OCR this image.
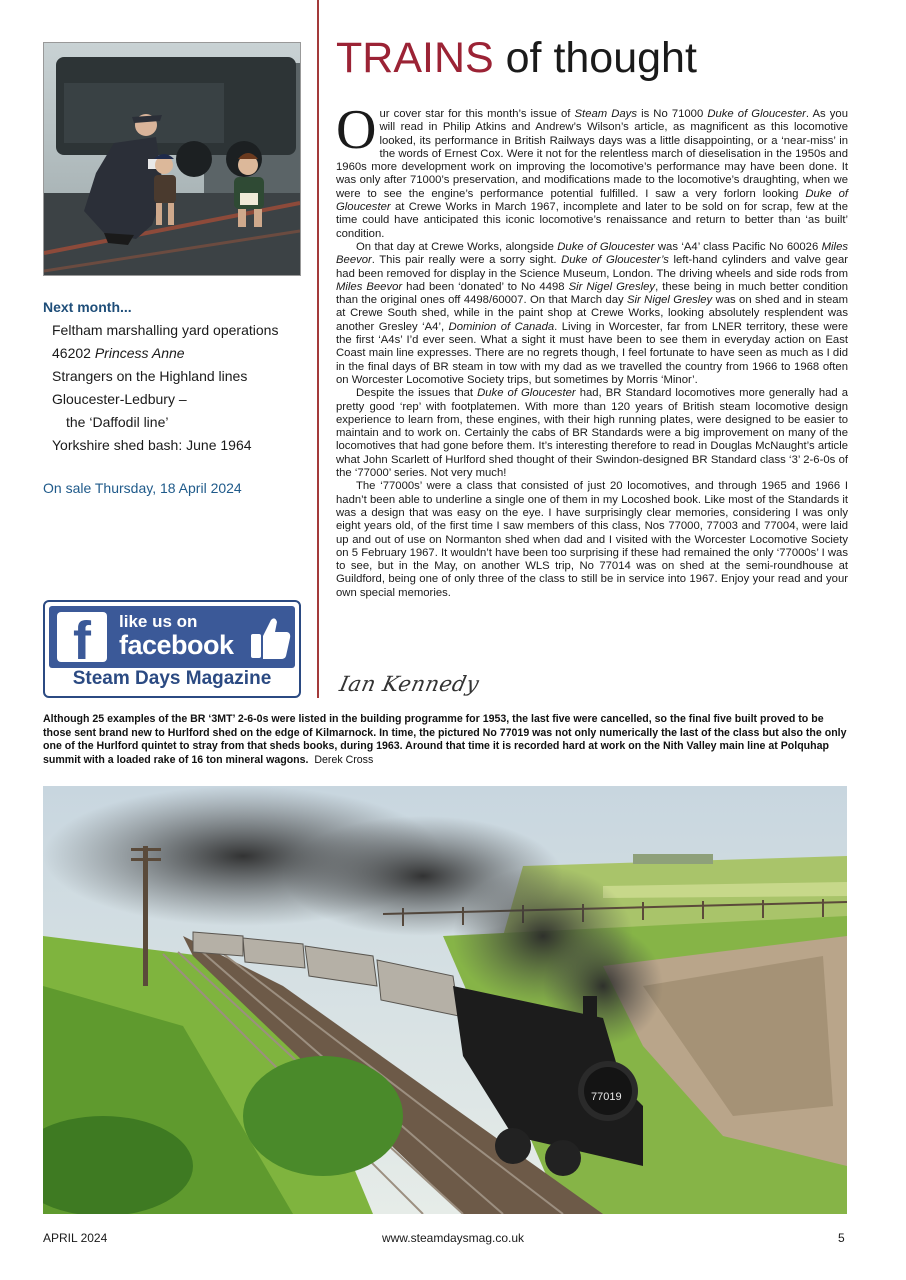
Next month...
Feltham marshalling yard operations
46202 Princess Anne
Strangers on the Highland lines
Gloucester-Ledbury –
the ‘Daffodil line’
Yorkshire shed bash: June 1964
On sale Thursday, 18 April 2024
f	like us on
facebook
Steam Days Magazine
TRAINS of thought

Our cover star for this month’s issue of Steam Days is No 71000 Duke of Gloucester. As you will read in Philip Atkins and Andrew’s Wilson’s article, as magnificent as this locomotive looked, its performance in British Railways days was a little disappointing, or a ‘near-miss’ in the words of Ernest Cox. Were it not for the relentless march of dieselisation in the 1950s and 1960s more development work on improving the locomotive’s performance may have been done. It was only after 71000’s preservation, and modifications made to the locomotive’s draughting, when we were to see the engine’s performance potential fulfilled. I saw a very forlorn looking Duke of Gloucester at Crewe Works in March 1967, incomplete and later to be sold on for scrap, few at the time could have anticipated this iconic locomotive’s renaissance and return to better than ‘as built’ condition.

On that day at Crewe Works, alongside Duke of Gloucester was ‘A4’ class Pacific No 60026 Miles Beevor. This pair really were a sorry sight. Duke of Gloucester’s left-hand cylinders and valve gear had been removed for display in the Science Museum, London. The driving wheels and side rods from Miles Beevor had been ‘donated’ to No 4498 Sir Nigel Gresley, these being in much better condition than the original ones off 4498/60007. On that March day Sir Nigel Gresley was on shed and in steam at Crewe South shed, while in the paint shop at Crewe Works, looking absolutely resplendent was another Gresley ‘A4’, Dominion of Canada. Living in Worcester, far from LNER territory, these were the first ‘A4s’ I’d ever seen. What a sight it must have been to see them in everyday action on East Coast main line expresses. There are no regrets though, I feel fortunate to have seen as much as I did in the final days of BR steam in tow with my dad as we travelled the country from 1966 to 1968 often on Worcester Locomotive Society trips, but sometimes by Morris ‘Minor’.

Despite the issues that Duke of Gloucester had, BR Standard locomotives more generally had a pretty good ‘rep’ with footplatemen. With more than 120 years of British steam locomotive design experience to learn from, these engines, with their high running plates, were designed to be easier to maintain and to work on. Certainly the cabs of BR Standards were a big improvement on many of the locomotives that had gone before them. It’s interesting therefore to read in Douglas McNaught’s article what John Scarlett of Hurlford shed thought of their Swindon-designed BR Standard class ‘3’ 2-6-0s of the ‘77000’ series. Not very much!

The ‘77000s’ were a class that consisted of just 20 locomotives, and through 1965 and 1966 I hadn’t been able to underline a single one of them in my Locoshed book. Like most of the Standards it was a design that was easy on the eye. I have surprisingly clear memories, considering I was only eight years old, of the first time I saw members of this class, Nos 77000, 77003 and 77004, were laid up and out of use on Normanton shed when dad and I visited with the Worcester Locomotive Society on 5 February 1967. It wouldn’t have been too surprising if these had remained the only ‘77000s’ I was to see, but in the May, on another WLS trip, No 77014 was on shed at the semi-roundhouse at Guildford, being one of only three of the class to still be in service into 1967. Enjoy your read and your own special memories.

Ian Kennedy
Although 25 examples of the BR ‘3MT’ 2-6-0s were listed in the building programme for 1953, the last five were cancelled, so the final five built proved to be those sent brand new to Hurlford shed on the edge of Kilmarnock. In time, the pictured No 77019 was not only numerically the last of the class but also the only one of the Hurlford quintet to stray from that sheds books, during 1963. Around that time it is recorded hard at work on the Nith Valley main line at Polquhap summit with a loaded rake of 16 ton mineral wagons. Derek Cross
77019
APRIL 2024	www.steamdaysmag.co.uk	5
